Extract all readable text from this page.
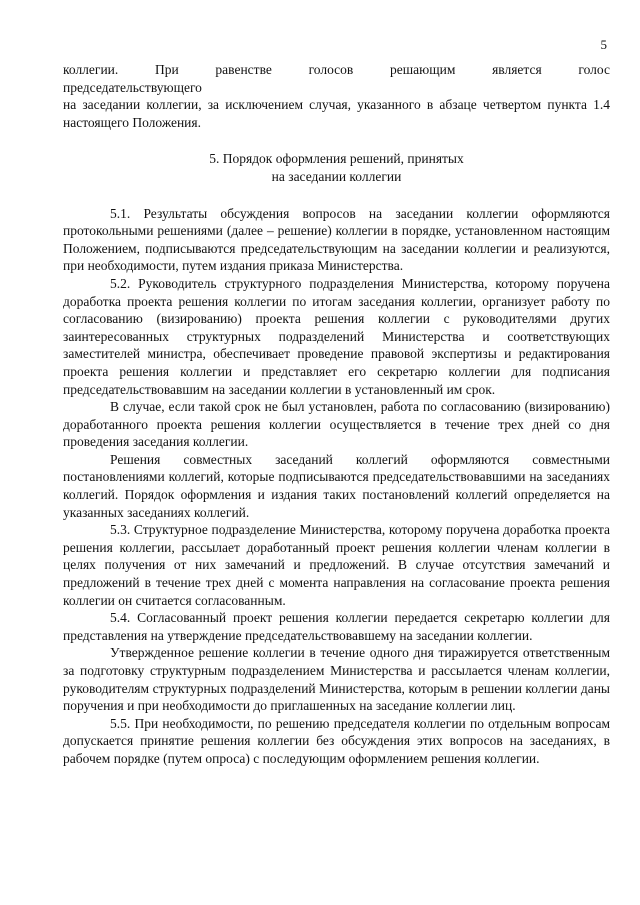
5
коллегии.	При	равенстве	голосов	решающим	является	голос
председательствующего

на заседании коллегии, за исключением случая, указанного в абзаце четвертом пункта 1.4 настоящего Положения.

5. Порядок оформления решений, принятых
на заседании коллегии

5.1. Результаты обсуждения вопросов на заседании коллегии оформляются протокольными решениями (далее – решение) коллегии в порядке, установленном настоящим Положением, подписываются председательствующим на заседании коллегии и реализуются, при необходимости, путем издания приказа Министерства.

5.2. Руководитель структурного подразделения Министерства, которому поручена доработка проекта решения коллегии по итогам заседания коллегии, организует работу по согласованию (визированию) проекта решения коллегии с руководителями других заинтересованных структурных подразделений Министерства и соответствующих заместителей министра, обеспечивает проведение правовой экспертизы и редактирования проекта решения коллегии и представляет его секретарю коллегии для подписания председательствовавшим на заседании коллегии в установленный им срок.

В случае, если такой срок не был установлен, работа по согласованию (визированию) доработанного проекта решения коллегии осуществляется в течение трех дней со дня проведения заседания коллегии.

Решения совместных заседаний коллегий оформляются совместными постановлениями коллегий, которые подписываются председательствовавшими на заседаниях коллегий. Порядок оформления и издания таких постановлений коллегий определяется на указанных заседаниях коллегий.

5.3. Структурное подразделение Министерства, которому поручена доработка проекта решения коллегии, рассылает доработанный проект решения коллегии членам коллегии в целях получения от них замечаний и предложений. В случае отсутствия замечаний и предложений в течение трех дней с момента направления на согласование проекта решения коллегии он считается согласованным.

5.4. Согласованный проект решения коллегии передается секретарю коллегии для представления на утверждение председательствовавшему на заседании коллегии.

Утвержденное решение коллегии в течение одного дня тиражируется ответственным за подготовку структурным подразделением Министерства и рассылается членам коллегии, руководителям структурных подразделений Министерства, которым в решении коллегии даны поручения и при необходимости до приглашенных на заседание коллегии лиц.

5.5. При необходимости, по решению председателя коллегии по отдельным вопросам допускается принятие решения коллегии без обсуждения этих вопросов на заседаниях, в рабочем порядке (путем опроса) с последующим оформлением решения коллегии.
